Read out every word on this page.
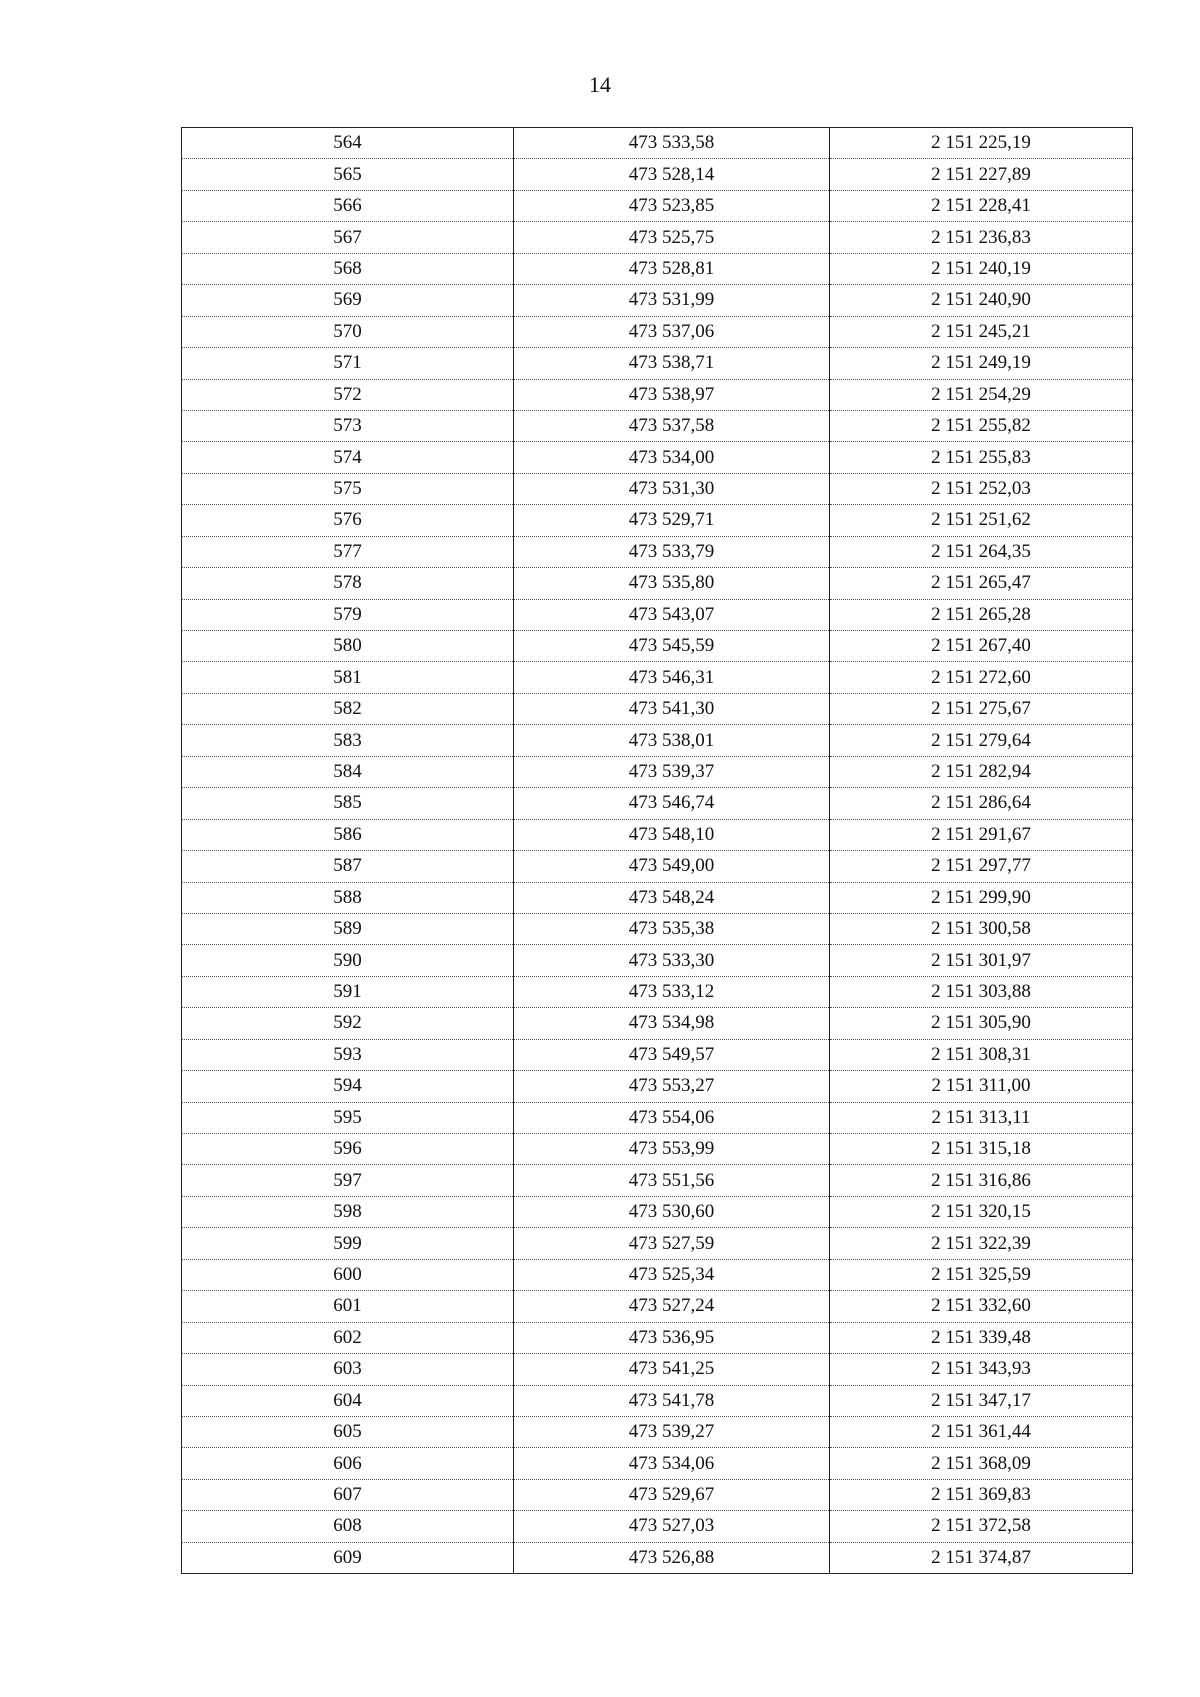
14
564	473 533,58	2 151 225,19
565	473 528,14	2 151 227,89
566	473 523,85	2 151 228,41
567	473 525,75	2 151 236,83
568	473 528,81	2 151 240,19
569	473 531,99	2 151 240,90
570	473 537,06	2 151 245,21
571	473 538,71	2 151 249,19
572	473 538,97	2 151 254,29
573	473 537,58	2 151 255,82
574	473 534,00	2 151 255,83
575	473 531,30	2 151 252,03
576	473 529,71	2 151 251,62
577	473 533,79	2 151 264,35
578	473 535,80	2 151 265,47
579	473 543,07	2 151 265,28
580	473 545,59	2 151 267,40
581	473 546,31	2 151 272,60
582	473 541,30	2 151 275,67
583	473 538,01	2 151 279,64
584	473 539,37	2 151 282,94
585	473 546,74	2 151 286,64
586	473 548,10	2 151 291,67
587	473 549,00	2 151 297,77
588	473 548,24	2 151 299,90
589	473 535,38	2 151 300,58
590	473 533,30	2 151 301,97
591	473 533,12	2 151 303,88
592	473 534,98	2 151 305,90
593	473 549,57	2 151 308,31
594	473 553,27	2 151 311,00
595	473 554,06	2 151 313,11
596	473 553,99	2 151 315,18
597	473 551,56	2 151 316,86
598	473 530,60	2 151 320,15
599	473 527,59	2 151 322,39
600	473 525,34	2 151 325,59
601	473 527,24	2 151 332,60
602	473 536,95	2 151 339,48
603	473 541,25	2 151 343,93
604	473 541,78	2 151 347,17
605	473 539,27	2 151 361,44
606	473 534,06	2 151 368,09
607	473 529,67	2 151 369,83
608	473 527,03	2 151 372,58
609	473 526,88	2 151 374,87
